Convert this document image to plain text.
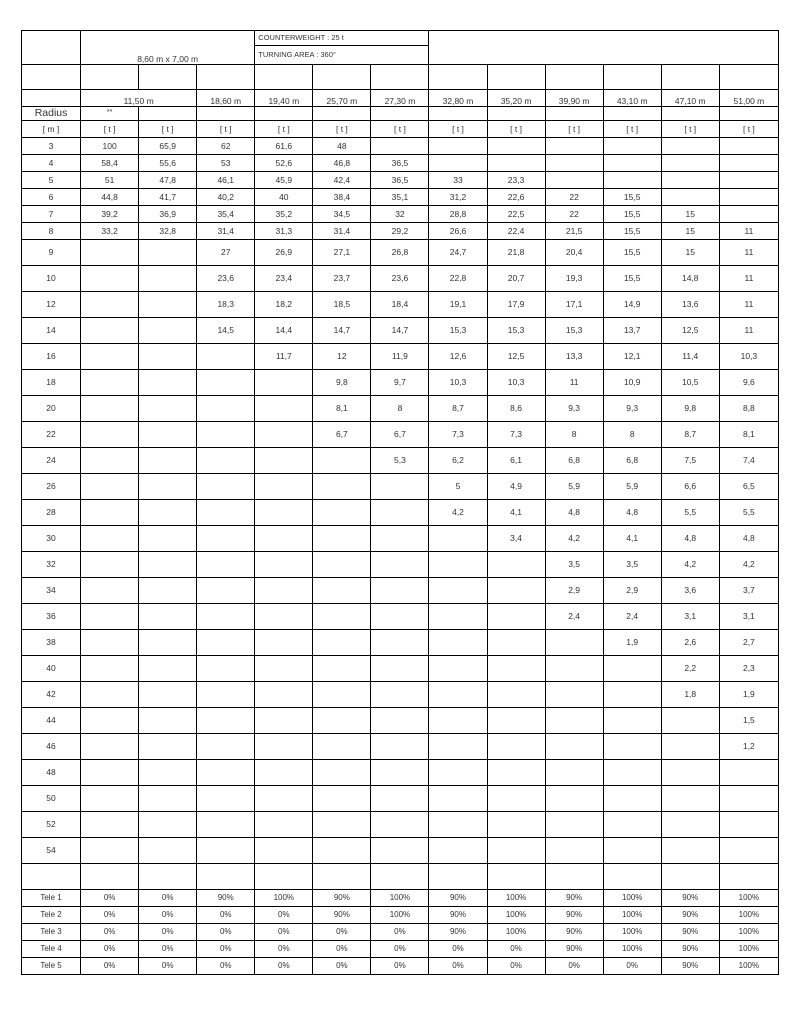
	8,60 m x 7,00 m			COUNTERWEIGHT : 25 t								
				TURNING AREA : 360°								

	11,50 m		18,60 m	19,40 m	25,70 m	27,30 m	32,80 m	35,20 m	39,90 m	43,10 m	47,10 m	51,00 m
Radius	**											

[ m ]	[ t ]	[ t ]	[ t ]	[ t ]	[ t ]	[ t ]	[ t ]	[ t ]	[ t ]	[ t ]	[ t ]	[ t ]
3	100	65,9	62	61,6	48							
4	58,4	55,6	53	52,6	46,8	36,5						
5	51	47,8	46,1	45,9	42,4	36,5	33	23,3				
6	44,8	41,7	40,2	40	38,4	35,1	31,2	22,6	22	15,5		
7	39,2	36,9	35,4	35,2	34,5	32	28,8	22,5	22	15,5	15	
8	33,2	32,8	31,4	31,3	31,4	29,2	26,6	22,4	21,5	15,5	15	11
9			27	26,9	27,1	26,8	24,7	21,8	20,4	15,5	15	11
10			23,6	23,4	23,7	23,6	22,8	20,7	19,3	15,5	14,8	11
12			18,3	18,2	18,5	18,4	19,1	17,9	17,1	14,9	13,6	11
14			14,5	14,4	14,7	14,7	15,3	15,3	15,3	13,7	12,5	11
16				11,7	12	11,9	12,6	12,5	13,3	12,1	11,4	10,3
18					9,8	9,7	10,3	10,3	11	10,9	10,5	9,6
20					8,1	8	8,7	8,6	9,3	9,3	9,8	8,8
22					6,7	6,7	7,3	7,3	8	8	8,7	8,1
24						5,3	6,2	6,1	6,8	6,8	7,5	7,4
26							5	4,9	5,9	5,9	6,6	6,5
28							4,2	4,1	4,8	4,8	5,5	5,5
30								3,4	4,2	4,1	4,8	4,8
32									3,5	3,5	4,2	4,2
34									2,9	2,9	3,6	3,7
36									2,4	2,4	3,1	3,1
38										1,9	2,6	2,7
40											2,2	2,3
42											1,8	1,9
44												1,5
46												1,2
48												
50												
52												
54												

Tele 1	0%	0%	90%	100%	90%	100%	90%	100%	90%	100%	90%	100%
Tele 2	0%	0%	0%	0%	90%	100%	90%	100%	90%	100%	90%	100%
Tele 3	0%	0%	0%	0%	0%	0%	90%	100%	90%	100%	90%	100%
Tele 4	0%	0%	0%	0%	0%	0%	0%	0%	90%	100%	90%	100%
Tele 5	0%	0%	0%	0%	0%	0%	0%	0%	0%	0%	90%	100%
